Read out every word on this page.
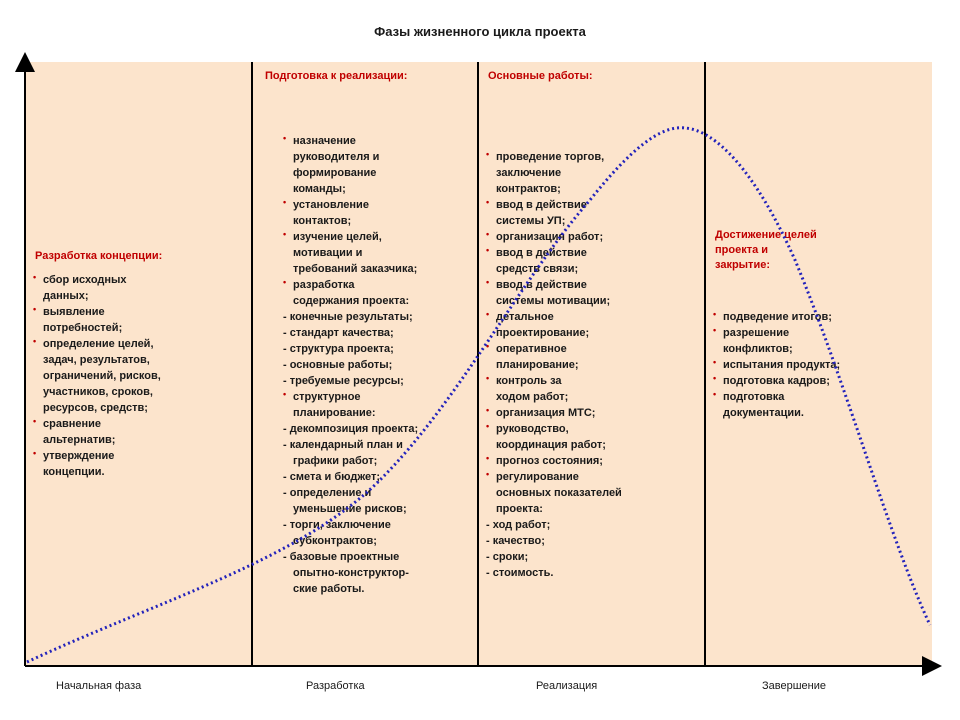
Фазы жизненного цикла проекта
Разработка концепции:
• сбор исходных
данных;
• выявление
потребностей;
• определение целей,
задач, результатов,
ограничений, рисков,
участников, сроков,
ресурсов, средств;
• сравнение
альтернатив;
• утверждение
концепции.
Подготовка к реализации:
• назначение
руководителя и
формирование
команды;
• установление
контактов;
• изучение целей,
мотивации и
требований заказчика;
• разработка
содержания проекта:
- конечные результаты;
- стандарт качества;
- структура проекта;
- основные работы;
- требуемые ресурсы;
• структурное
планирование:
- декомпозиция проекта;
- календарный план и
графики работ;
- смета и бюджет;
- определение и
уменьшение рисков;
- торги, заключение
субконтрактов;
- базовые проектные
опытно-конструктор-
ские работы.
Основные работы:
• проведение торгов,
заключение
контрактов;
• ввод в действие
системы УП;
• организация работ;
• ввод в действие
средств связи;
• ввод в действие
системы мотивации;
• детальное
проектирование;
• оперативное
планирование;
• контроль за
ходом работ;
• организация МТС;
• руководство,
координация работ;
• прогноз состояния;
• регулирование
основных показателей
проекта:
- ход работ;
- качество;
- сроки;
- стоимость.
Достижение целей
проекта и
закрытие:
• подведение итогов;
• разрешение
конфликтов;
• испытания продукта;
• подготовка кадров;
• подготовка
документации.
Начальная фаза	Разработка	Реализация	Завершение
